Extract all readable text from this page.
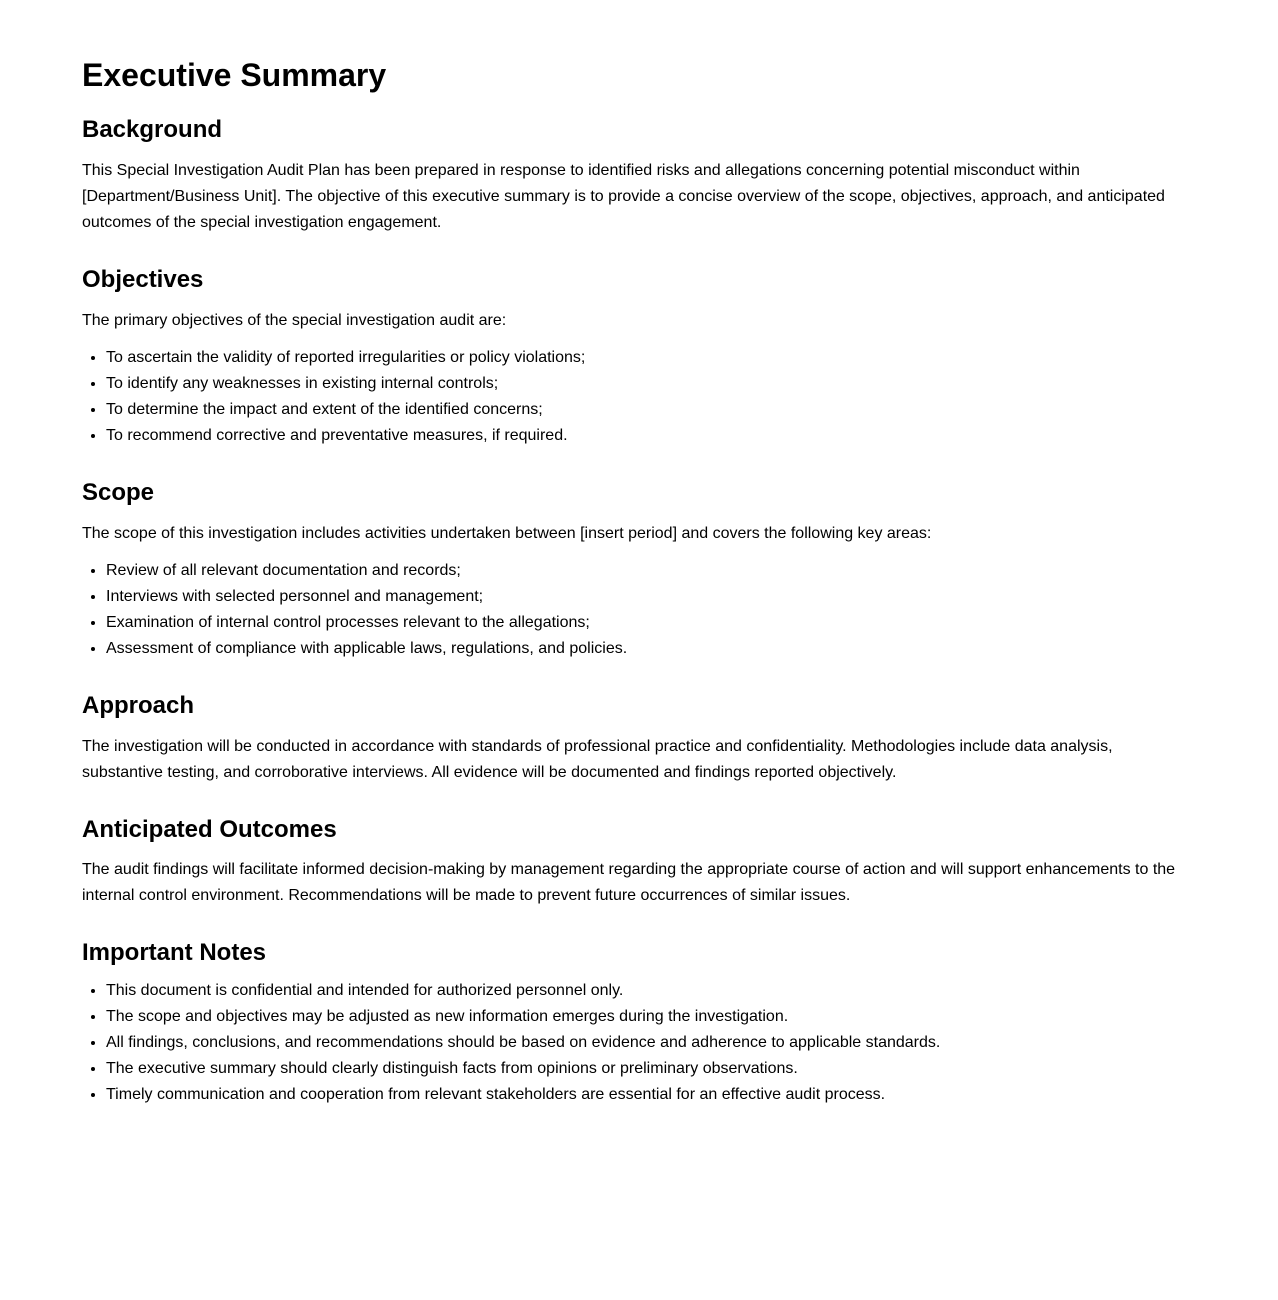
Executive Summary
Background

This Special Investigation Audit Plan has been prepared in response to identified risks and allegations concerning potential misconduct within [Department/Business Unit]. The objective of this executive summary is to provide a concise overview of the scope, objectives, approach, and anticipated outcomes of the special investigation engagement.

Objectives

The primary objectives of the special investigation audit are:

• To ascertain the validity of reported irregularities or policy violations;
• To identify any weaknesses in existing internal controls;
• To determine the impact and extent of the identified concerns;
• To recommend corrective and preventative measures, if required.
Scope

The scope of this investigation includes activities undertaken between [insert period] and covers the following key areas:

• Review of all relevant documentation and records;
• Interviews with selected personnel and management;
• Examination of internal control processes relevant to the allegations;
• Assessment of compliance with applicable laws, regulations, and policies.
Approach

The investigation will be conducted in accordance with standards of professional practice and confidentiality. Methodologies include data analysis, substantive testing, and corroborative interviews. All evidence will be documented and findings reported objectively.

Anticipated Outcomes

The audit findings will facilitate informed decision-making by management regarding the appropriate course of action and will support enhancements to the internal control environment. Recommendations will be made to prevent future occurrences of similar issues.

Important Notes
• This document is confidential and intended for authorized personnel only.
• The scope and objectives may be adjusted as new information emerges during the investigation.
• All findings, conclusions, and recommendations should be based on evidence and adherence to applicable standards.
• The executive summary should clearly distinguish facts from opinions or preliminary observations.
• Timely communication and cooperation from relevant stakeholders are essential for an effective audit process.
